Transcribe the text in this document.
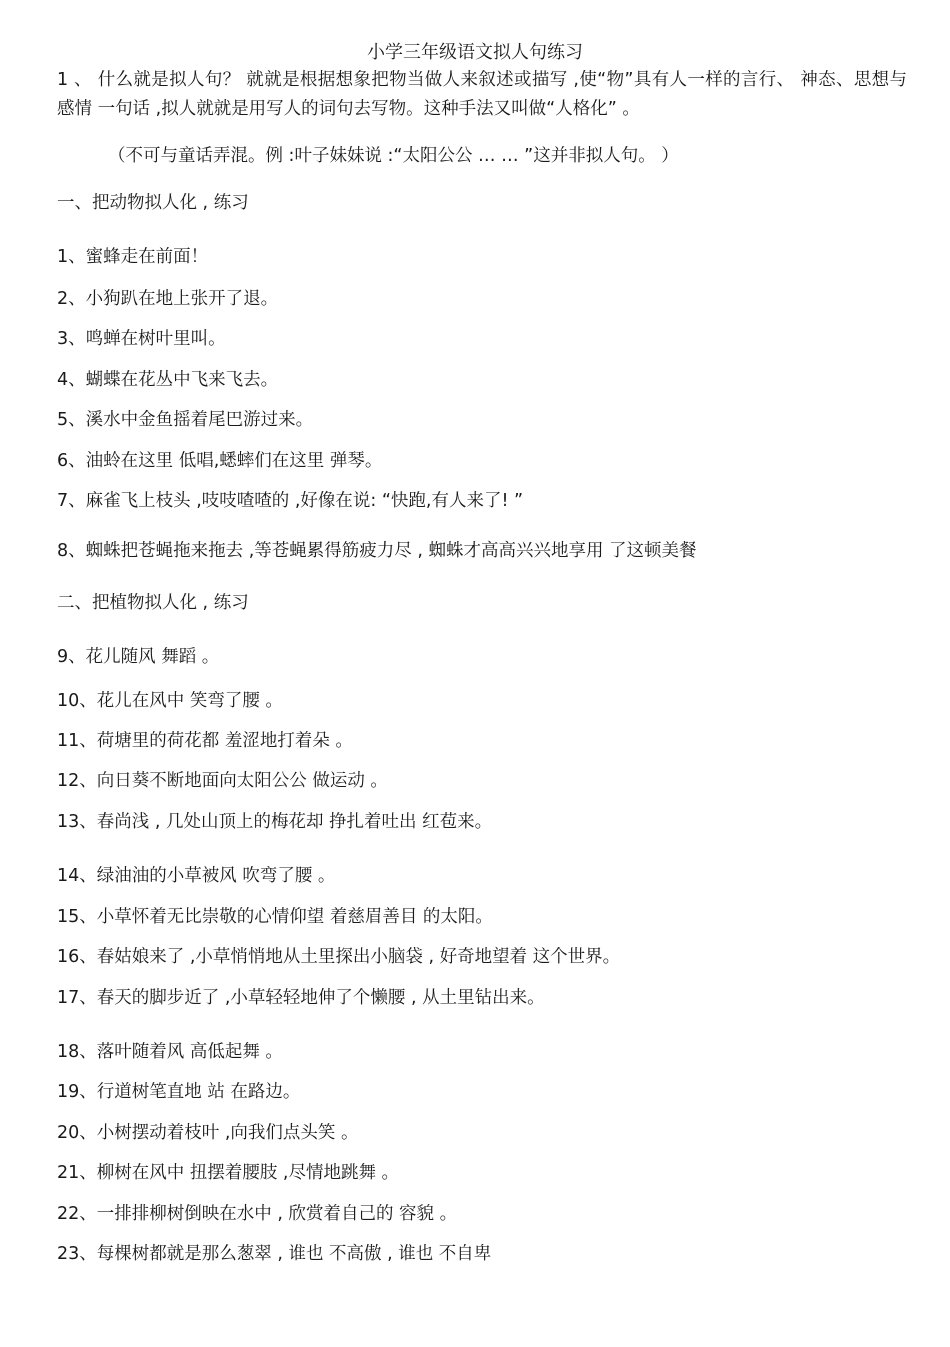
小学三年级语文拟人句练习
1 、 什么就是拟人句？ 就就是根据想象把物当做人来叙述或描写 ,使“物”具有人一样的言行、 神态、思想与感情 一句话 ,拟人就就是用写人的词句去写物。这种手法又叫做“人格化” 。
（不可与童话弄混。例 :叶子妹妹说 :“太阳公公 … … ”这并非拟人句。 ）
一、把动物拟人化 , 练习
1、蜜蜂走在前面！
2、小狗趴在地上张开了退。
3、鸣蝉在树叶里叫。
4、蝴蝶在花丛中飞来飞去。
5、溪水中金鱼摇着尾巴游过来。
6、油蛉在这里 低唱,蟋蟀们在这里 弹琴。
7、麻雀飞上枝头 ,吱吱喳喳的 ,好像在说: “快跑,有人来了! ”
8、蜘蛛把苍蝇拖来拖去 ,等苍蝇累得筋疲力尽 , 蜘蛛才高高兴兴地享用 了这顿美餐
二、把植物拟人化 , 练习
9、花儿随风 舞蹈 。
10、花儿在风中 笑弯了腰 。
11、荷塘里的荷花都 羞涩地打着朵 。
12、向日葵不断地面向太阳公公 做运动 。
13、春尚浅 , 几处山顶上的梅花却 挣扎着吐出 红苞来。
14、绿油油的小草被风 吹弯了腰 。
15、小草怀着无比崇敬的心情仰望 着慈眉善目 的太阳。
16、春姑娘来了 ,小草悄悄地从土里探出小脑袋 , 好奇地望着 这个世界。
17、春天的脚步近了 ,小草轻轻地伸了个懒腰 , 从土里钻出来。
18、落叶随着风 高低起舞 。
19、行道树笔直地 站 在路边。
20、小树摆动着枝叶 ,向我们点头笑 。
21、柳树在风中 扭摆着腰肢 ,尽情地跳舞 。
22、一排排柳树倒映在水中 , 欣赏着自己的 容貌 。
23、每棵树都就是那么葱翠 , 谁也 不高傲 , 谁也 不自卑
